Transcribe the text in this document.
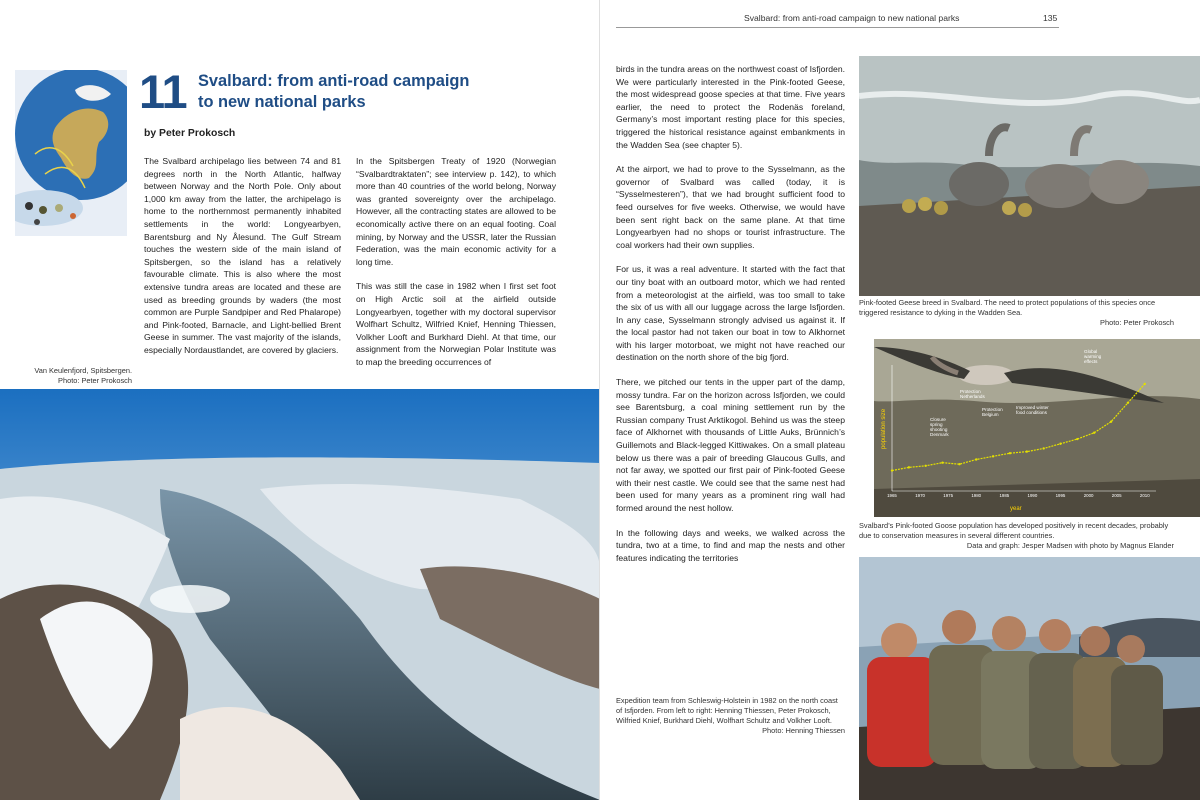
11 Svalbard: from anti-road campaign
to new national parks
by Peter Prokosch

The Svalbard archipelago lies between 74 and 81 degrees north in the North Atlantic, halfway between Norway and the North Pole. Only about 1,000 km away from the latter, the archipelago is home to the northernmost permanently inhabited settlements in the world: Longyearbyen, Barentsburg and Ny Ålesund. The Gulf Stream touches the western side of the main island of Spitsbergen, so the island has a relatively favourable climate. This is also where the most extensive tundra areas are located and these are used as breeding grounds by waders (the most common are Purple Sandpiper and Red Phalarope) and Pink-footed, Barnacle, and Light-bellied Brent Geese in summer. The vast majority of the islands, especially Nordaustlandet, are covered by glaciers.

In the Spitsbergen Treaty of 1920 (Norwegian “Svalbardtraktaten”; see interview p. 142), to which more than 40 countries of the world belong, Norway was granted sovereignty over the archipelago. However, all the contracting states are allowed to be economically active there on an equal footing. Coal mining, by Norway and the USSR, later the Russian Federation, was the main economic activity for a long time.

This was still the case in 1982 when I first set foot on High Arctic soil at the airfield outside Longyearbyen, together with my doctoral supervisor Wolfhart Schultz, Wilfried Knief, Henning Thiessen, Volkher Looft and Burkhard Diehl. At that time, our assignment from the Norwegian Polar Institute was to map the breeding occurrences of

Van Keulenfjord, Spitsbergen.
Photo: Peter Prokosch
Svalbard: from anti-road campaign to new national parks	135

birds in the tundra areas on the northwest coast of Isfjorden. We were particularly interested in the Pink-footed Geese, the most widespread goose species at that time. Five years earlier, the need to protect the Rodenäs foreland, Germany’s most important resting place for this species, triggered the historical resistance against embankments in the Wadden Sea (see chapter 5).

At the airport, we had to prove to the Sysselmann, as the governor of Svalbard was called (today, it is “Sysselmesteren”), that we had brought sufficient food to feed ourselves for five weeks. Otherwise, we would have been sent right back on the same plane. At that time Longyearbyen had no shops or tourist infrastructure. The coal workers had their own supplies.

For us, it was a real adventure. It started with the fact that our tiny boat with an outboard motor, which we had rented from a meteorologist at the airfield, was too small to take the six of us with all our luggage across the large Isfjorden. In any case, Sysselmann strongly advised us against it. If the local pastor had not taken our boat in tow to Alkhornet with his larger motorboat, we might not have reached our destination on the north shore of the big fjord.

There, we pitched our tents in the upper part of the damp, mossy tundra. Far on the horizon across Isfjorden, we could see Barentsburg, a coal mining settlement run by the Russian company Trust Arktikogol. Behind us was the steep face of Alkhornet with thousands of Little Auks, Brünnich’s Guillemots and Black-legged Kittiwakes. On a small plateau below us there was a pair of breeding Glaucous Gulls, and not far away, we spotted our first pair of Pink-footed Geese with their nest castle. We could see that the same nest had been used for many years as a prominent ring wall had formed around the nest hollow.

In the following days and weeks, we walked across the tundra, two at a time, to find and map the nests and other features indicating the territories

Pink-footed Geese breed in Svalbard. The need to protect populations of this species once triggered resistance to dyking in the Wadden Sea.
Photo: Peter Prokosch
1965	1970	1975	1980	1985	1990	1995	2000	2005	2010
population size
year
Closure
spring
shooting
Denmark
Protection
Netherlands
Protection
Belgium
Improved winter
food conditions
Global
warming
effects
Svalbard’s Pink-footed Goose population has developed positively in recent decades, probably due to conservation measures in several different countries.
Data and graph: Jesper Madsen with photo by Magnus Elander
Expedition team from Schleswig-Holstein in 1982 on the north coast of Isfjorden. From left to right: Henning Thiessen, Peter Prokosch, Wilfried Knief, Burkhard Diehl, Wolfhart Schultz and Volkher Looft.
Photo: Henning Thiessen
